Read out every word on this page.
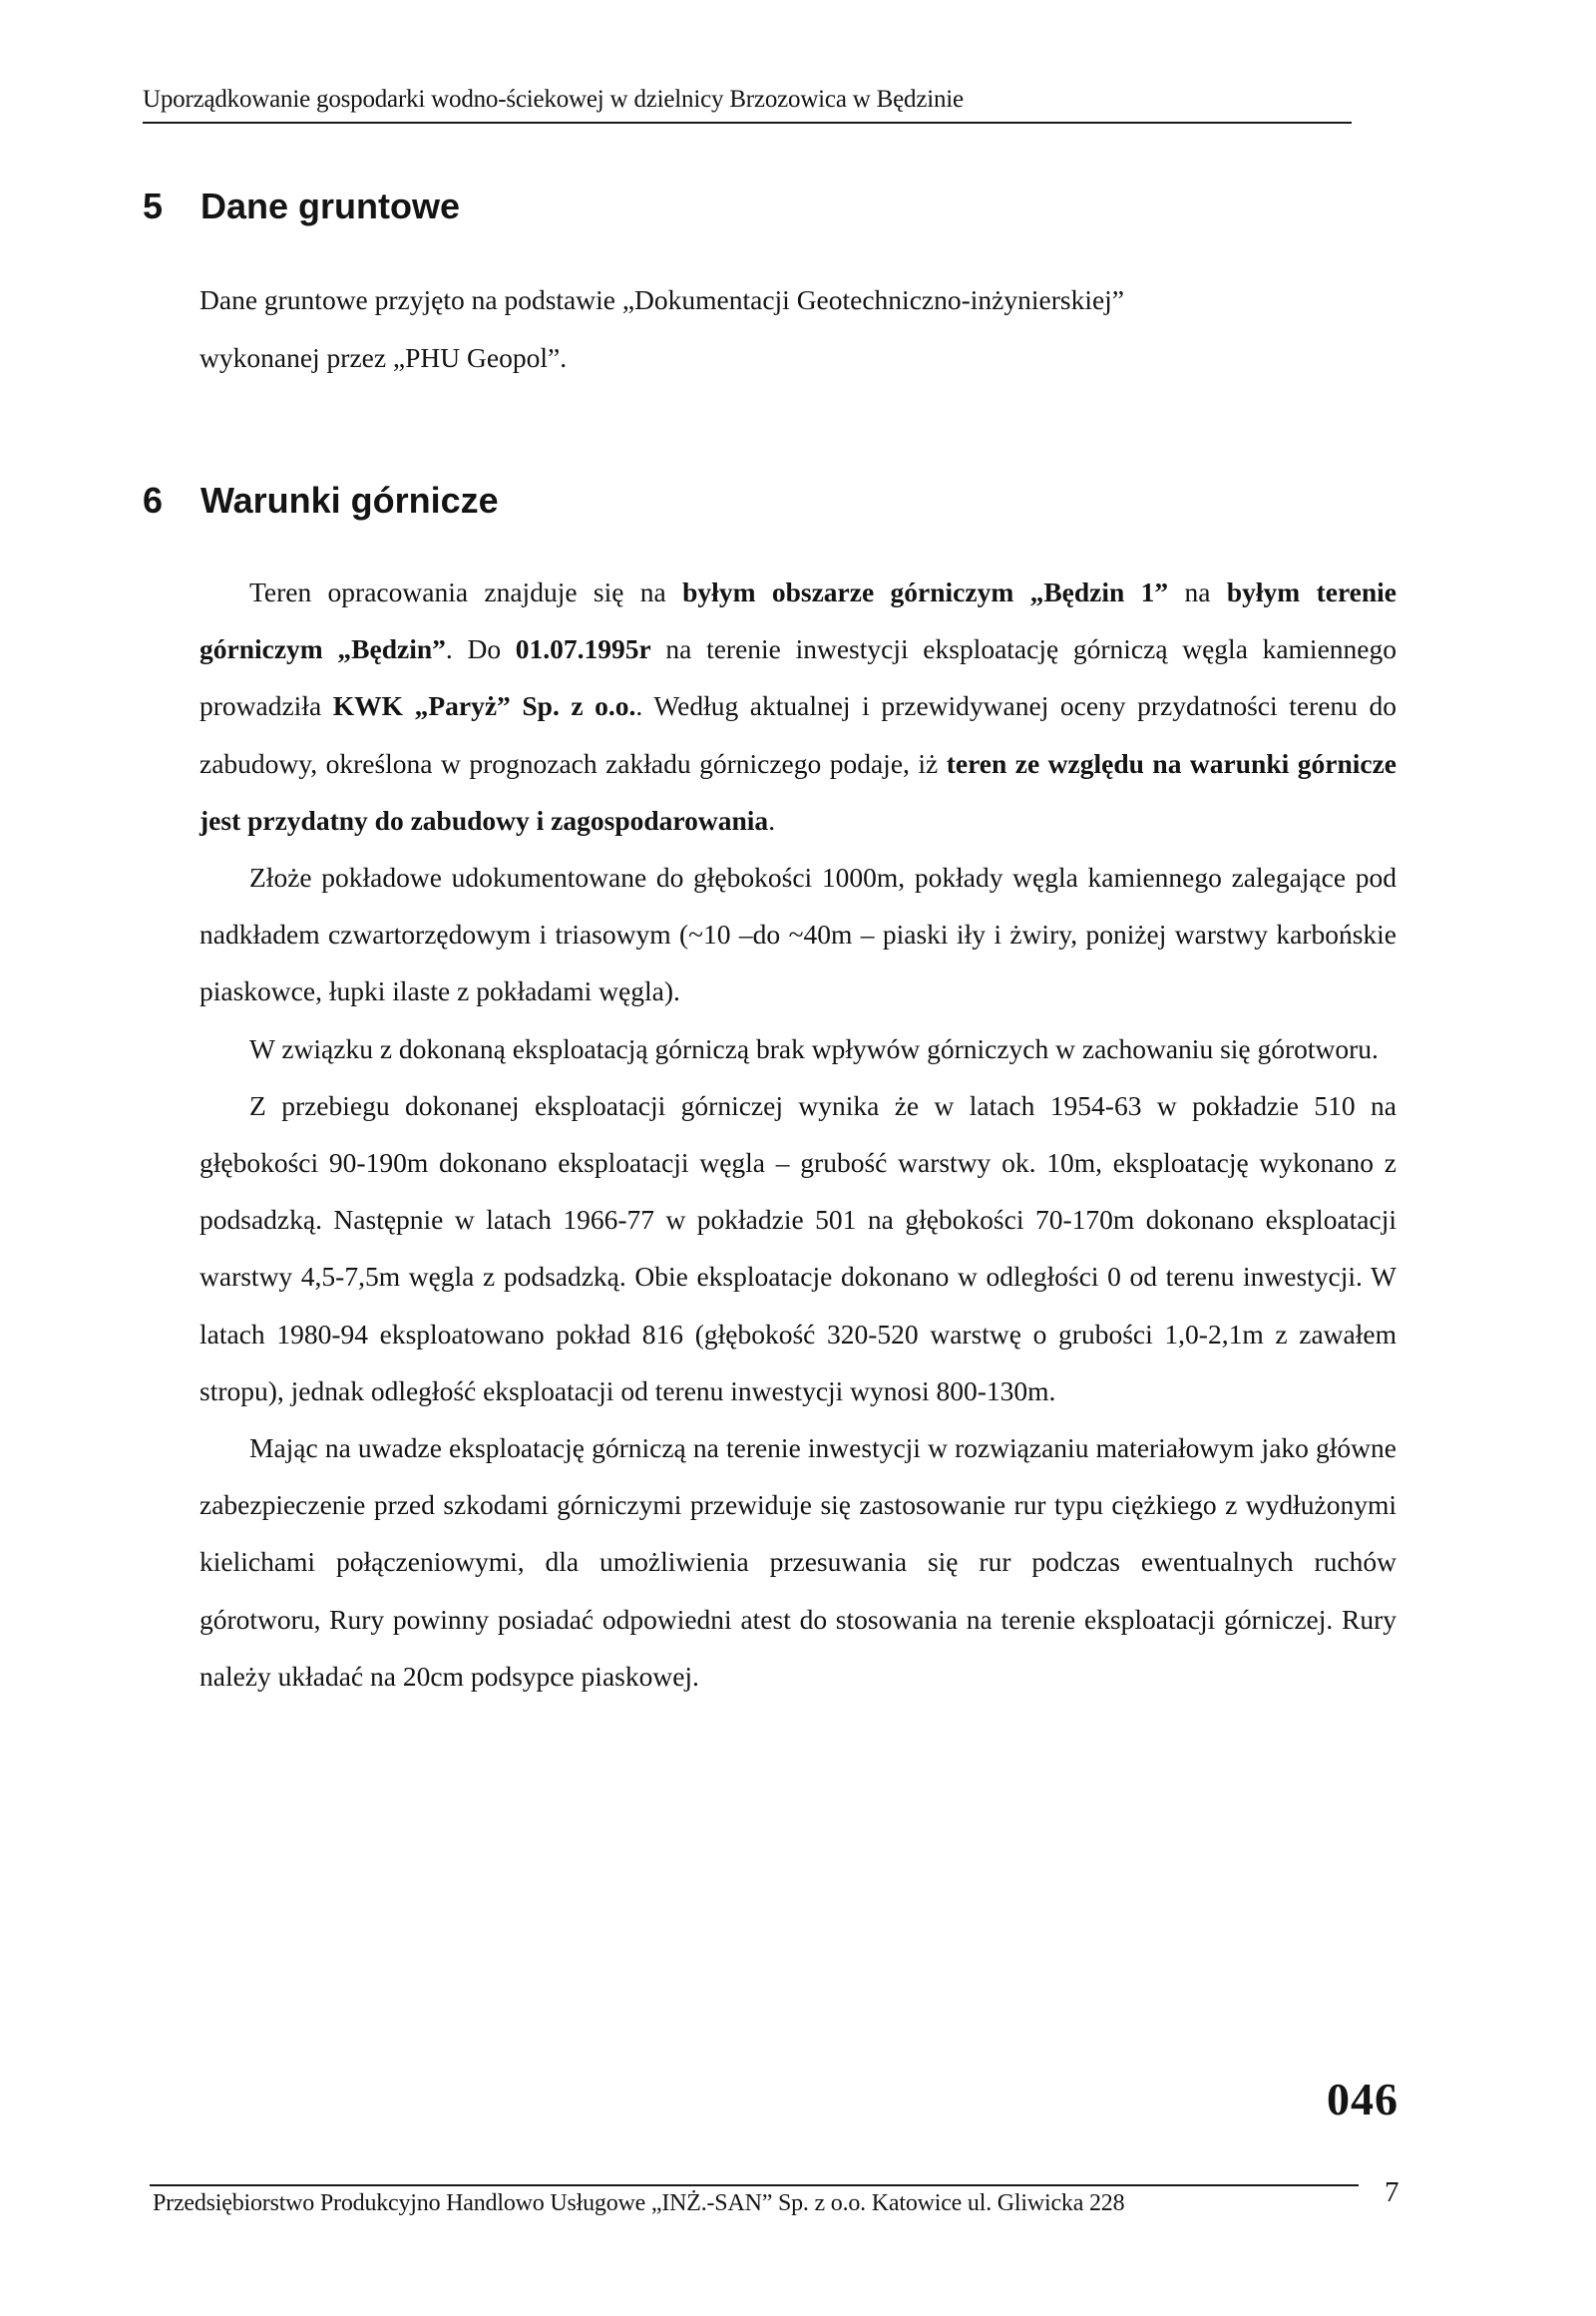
Uporządkowanie gospodarki wodno-ściekowej w dzielnicy Brzozowica w Będzinie
5 Dane gruntowe
Dane gruntowe przyjęto na podstawie „Dokumentacji Geotechniczno-inżynierskiej”
wykonanej przez „PHU Geopol”.
6 Warunki górnicze

Teren opracowania znajduje się na byłym obszarze górniczym „Będzin 1” na byłym terenie górniczym „Będzin”. Do 01.07.1995r na terenie inwestycji eksploatację górniczą węgla kamiennego prowadziła KWK „Paryż” Sp. z o.o.. Według aktualnej i przewidywanej oceny przydatności terenu do zabudowy, określona w prognozach zakładu górniczego podaje, iż teren ze względu na warunki górnicze jest przydatny do zabudowy i zagospodarowania.

Złoże pokładowe udokumentowane do głębokości 1000m, pokłady węgla kamiennego zalegające pod nadkładem czwartorzędowym i triasowym (~10 –do ~40m – piaski iły i żwiry, poniżej warstwy karbońskie piaskowce, łupki ilaste z pokładami węgla).

W związku z dokonaną eksploatacją górniczą brak wpływów górniczych w zachowaniu się górotworu.

Z przebiegu dokonanej eksploatacji górniczej wynika że w latach 1954-63 w pokładzie 510 na głębokości 90-190m dokonano eksploatacji węgla – grubość warstwy ok. 10m, eksploatację wykonano z podsadzką. Następnie w latach 1966-77 w pokładzie 501 na głębokości 70-170m dokonano eksploatacji warstwy 4,5-7,5m węgla z podsadzką. Obie eksploatacje dokonano w odległości 0 od terenu inwestycji. W latach 1980-94 eksploatowano pokład 816 (głębokość 320-520 warstwę o grubości 1,0-2,1m z zawałem stropu), jednak odległość eksploatacji od terenu inwestycji wynosi 800-130m.

Mając na uwadze eksploatację górniczą na terenie inwestycji w rozwiązaniu materiałowym jako główne zabezpieczenie przed szkodami górniczymi przewiduje się zastosowanie rur typu ciężkiego z wydłużonymi kielichami połączeniowymi, dla umożliwienia przesuwania się rur podczas ewentualnych ruchów górotworu, Rury powinny posiadać odpowiedni atest do stosowania na terenie eksploatacji górniczej. Rury należy układać na 20cm podsypce piaskowej.

046
Przedsiębiorstwo Produkcyjno Handlowo Usługowe „INŻ.-SAN” Sp. z o.o. Katowice ul. Gliwicka 228	7
